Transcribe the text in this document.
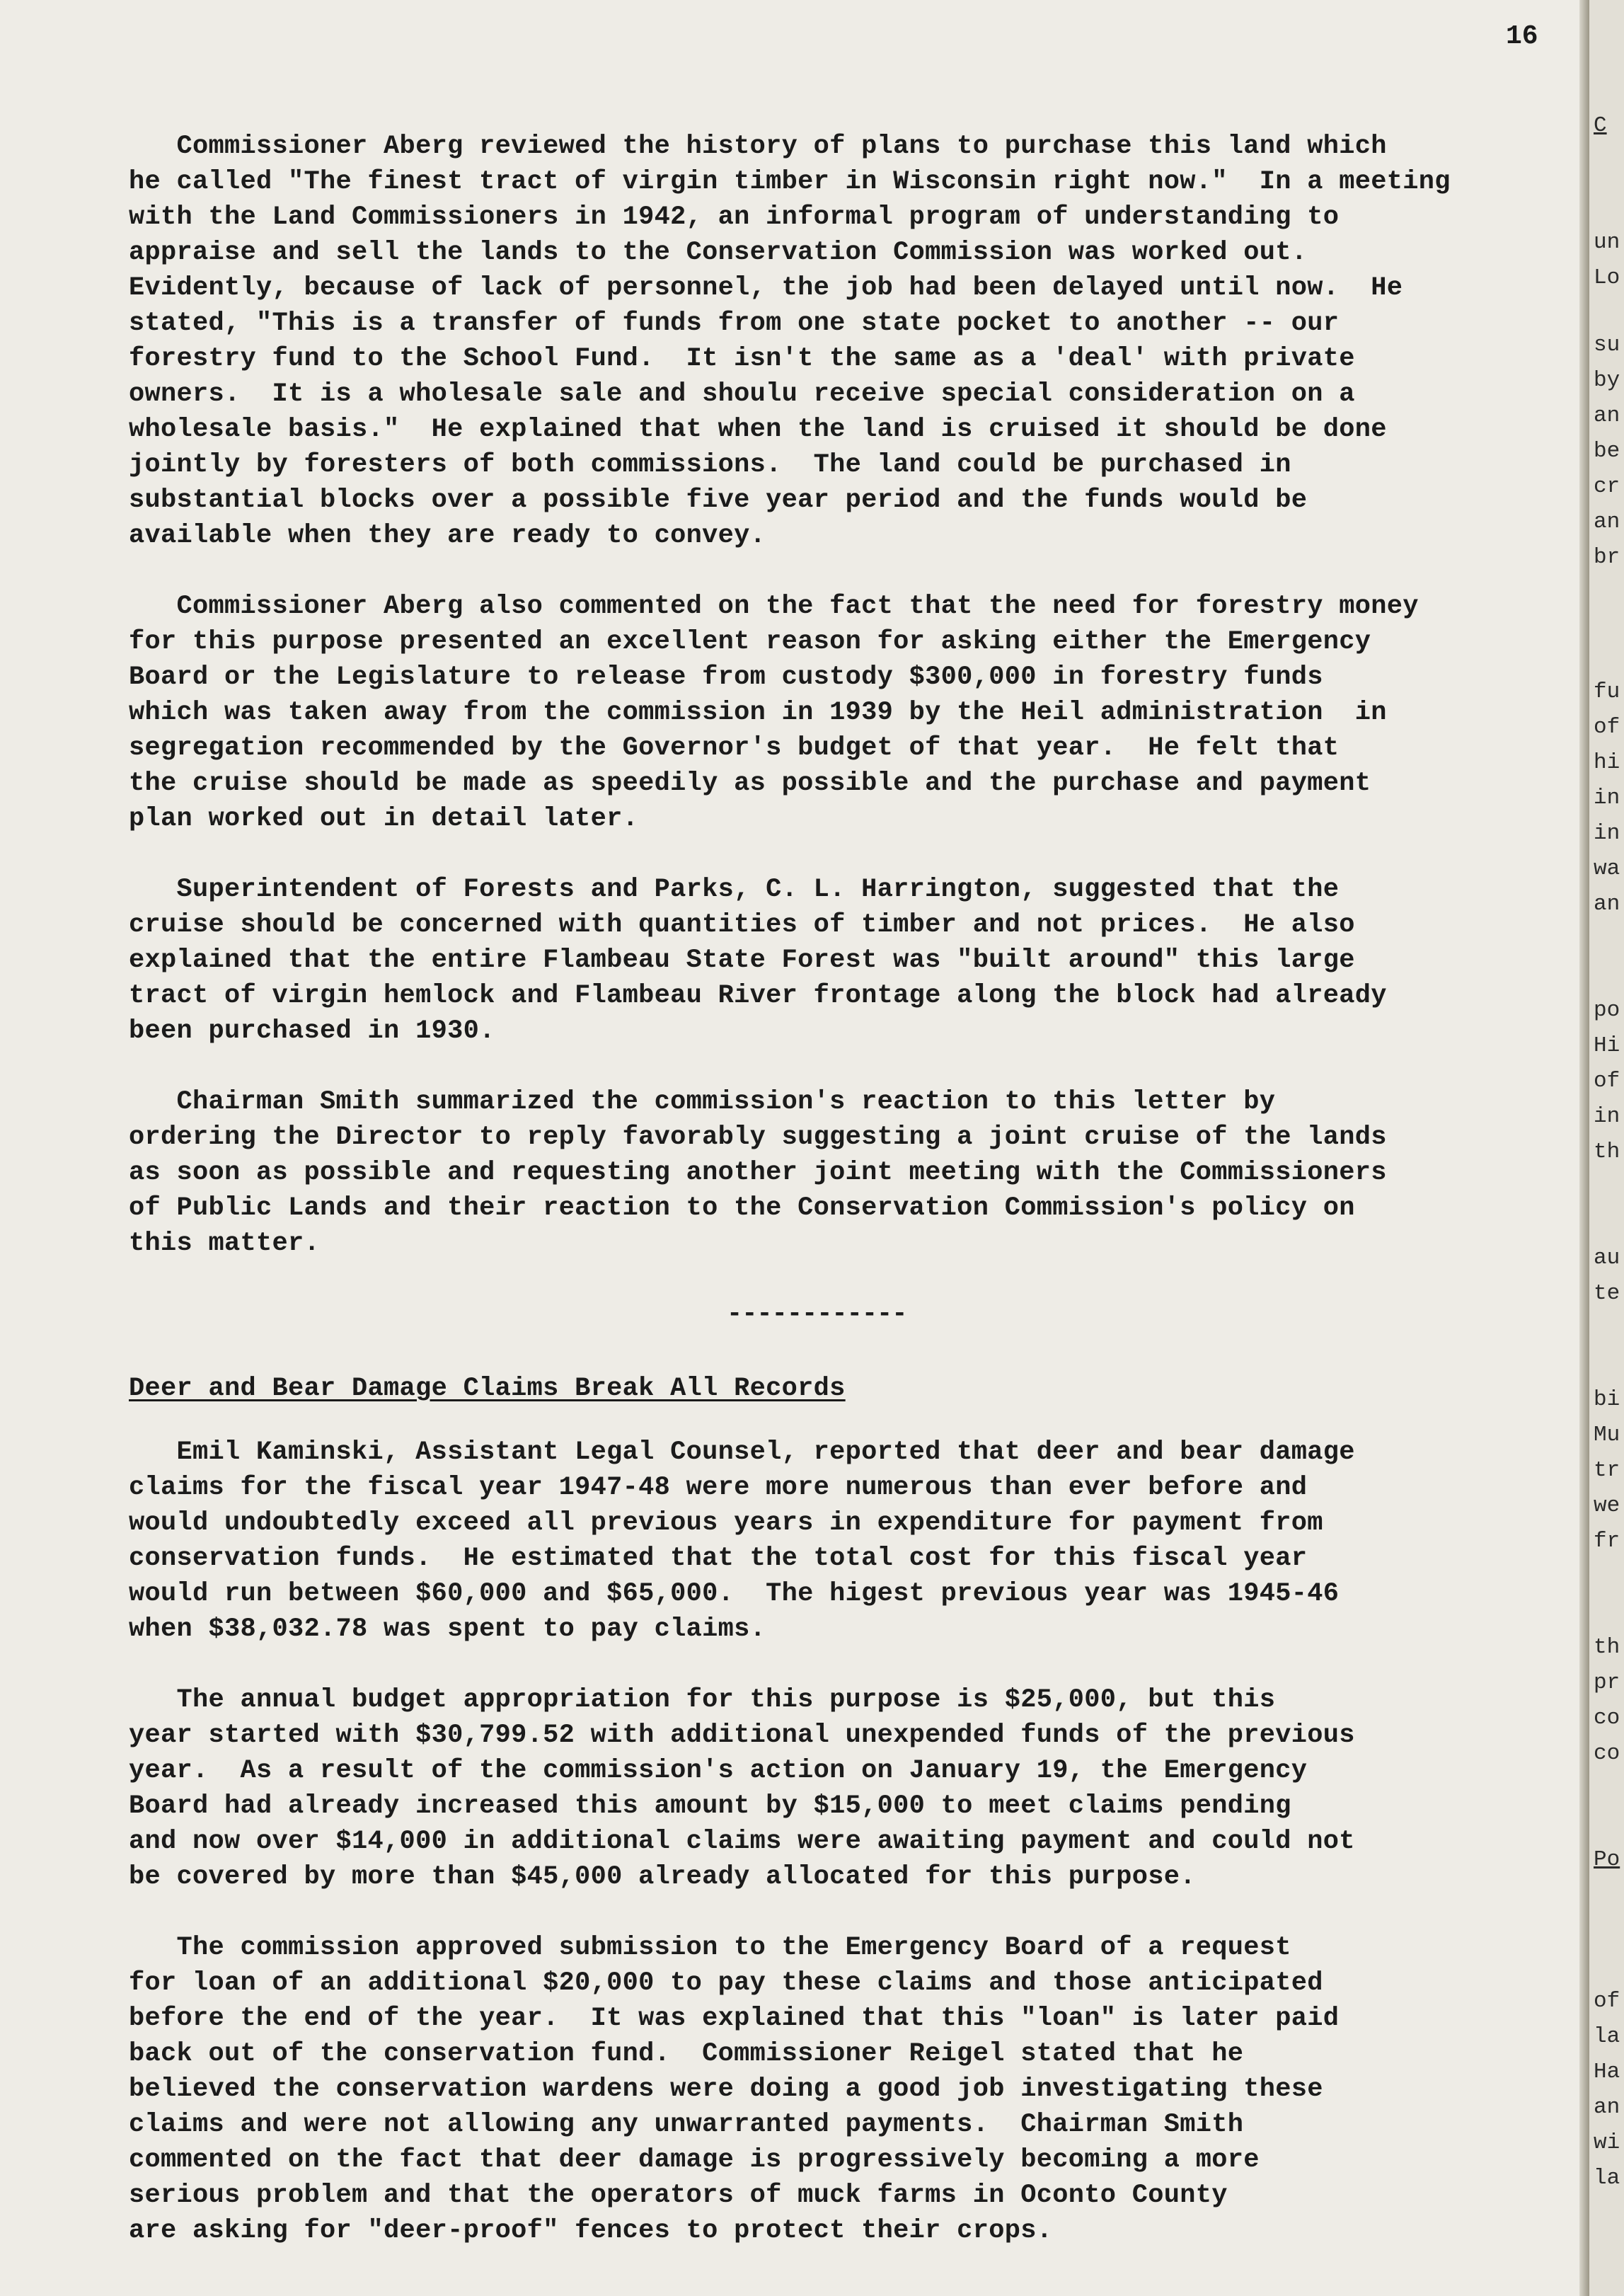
16
Commissioner Aberg reviewed the history of plans to purchase this land which
he called "The finest tract of virgin timber in Wisconsin right now."  In a meeting
with the Land Commissioners in 1942, an informal program of understanding to
appraise and sell the lands to the Conservation Commission was worked out.
Evidently, because of lack of personnel, the job had been delayed until now.  He
stated, "This is a transfer of funds from one state pocket to another -- our
forestry fund to the School Fund.  It isn't the same as a 'deal' with private
owners.  It is a wholesale sale and shoulu receive special consideration on a
wholesale basis."  He explained that when the land is cruised it should be done
jointly by foresters of both commissions.  The land could be purchased in
substantial blocks over a possible five year period and the funds would be
available when they are ready to convey.
Commissioner Aberg also commented on the fact that the need for forestry money
for this purpose presented an excellent reason for asking either the Emergency
Board or the Legislature to release from custody $300,000 in forestry funds
which was taken away from the commission in 1939 by the Heil administration  in
segregation recommended by the Governor's budget of that year.  He felt that
the cruise should be made as speedily as possible and the purchase and payment
plan worked out in detail later.
Superintendent of Forests and Parks, C. L. Harrington, suggested that the
cruise should be concerned with quantities of timber and not prices.  He also
explained that the entire Flambeau State Forest was "built around" this large
tract of virgin hemlock and Flambeau River frontage along the block had already
been purchased in 1930.
Chairman Smith summarized the commission's reaction to this letter by
ordering the Director to reply favorably suggesting a joint cruise of the lands
as soon as possible and requesting another joint meeting with the Commissioners
of Public Lands and their reaction to the Conservation Commission's policy on
this matter.
------------
Deer and Bear Damage Claims Break All Records
Emil Kaminski, Assistant Legal Counsel, reported that deer and bear damage
claims for the fiscal year 1947-48 were more numerous than ever before and
would undoubtedly exceed all previous years in expenditure for payment from
conservation funds.  He estimated that the total cost for this fiscal year
would run between $60,000 and $65,000.  The higest previous year was 1945-46
when $38,032.78 was spent to pay claims.
The annual budget appropriation for this purpose is $25,000, but this
year started with $30,799.52 with additional unexpended funds of the previous
year.  As a result of the commission's action on January 19, the Emergency
Board had already increased this amount by $15,000 to meet claims pending
and now over $14,000 in additional claims were awaiting payment and could not
be covered by more than $45,000 already allocated for this purpose.
The commission approved submission to the Emergency Board of a request
for loan of an additional $20,000 to pay these claims and those anticipated
before the end of the year.  It was explained that this "loan" is later paid
back out of the conservation fund.  Commissioner Reigel stated that he
believed the conservation wardens were doing a good job investigating these
claims and were not allowing any unwarranted payments.  Chairman Smith
commented on the fact that deer damage is progressively becoming a more
serious problem and that the operators of muck farms in Oconto County
are asking for "deer-proof" fences to protect their crops.
C
un
Lo
su
by
an
be
cr
an
br
fu
of
hi
in
in
wa
an
po
Hi
of
in
th
au
te
bi
Mu
tr
we
fr
th
pr
co
co
Po
of
la
Ha
an
wi
la
